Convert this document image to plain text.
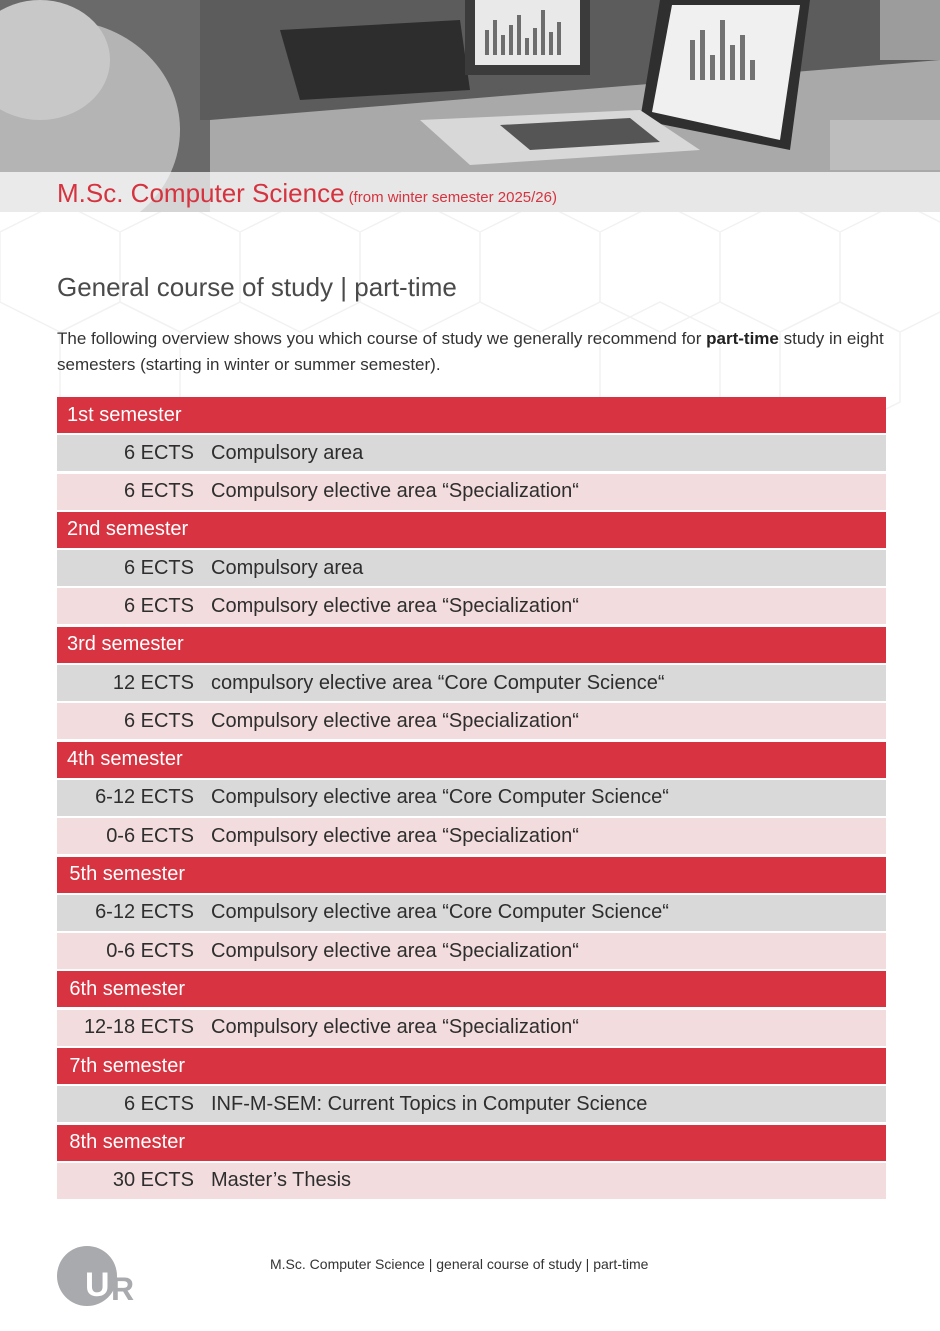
M.Sc. Computer Science (from winter semester 2025/26)
General course of study | part-time

The following overview shows you which course of study we generally recommend for part-time study in eight semesters (starting in winter or summer semester).

1st semester
6 ECTS Compulsory area
6 ECTS Compulsory elective area “Specialization“
2nd semester
6 ECTS Compulsory area
6 ECTS Compulsory elective area “Specialization“
3rd semester
12 ECTS compulsory elective area “Core Computer Science“
6 ECTS Compulsory elective area “Specialization“
4th semester
6-12 ECTS Compulsory elective area “Core Computer Science“
0-6 ECTS Compulsory elective area “Specialization“
5th semester
6-12 ECTS Compulsory elective area “Core Computer Science“
0-6 ECTS Compulsory elective area “Specialization“
6th semester
12-18 ECTS Compulsory elective area “Specialization“
7th semester
6 ECTS INF-M-SEM: Current Topics in Computer Science
8th semester
30 ECTS Master’s Thesis
U R
M.Sc. Computer Science | general course of study | part-time
